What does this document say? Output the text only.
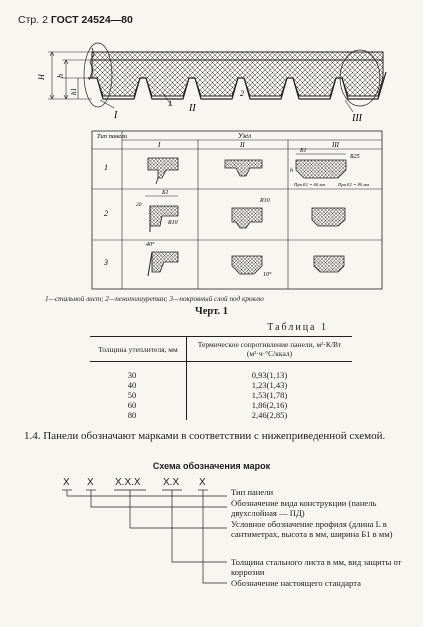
Стр. 2 ГОСТ 24524—80
H h
h1
I
II
III
1
2
Тип панели	Узел
I	II	III
1
2
3
Б1
R25
h
При Б1 = 60 мм	При Б1 = 80 мм
Б1
20
R10
R10
40°
10°
1—стальной лист; 2—пенополиуретан; 3—покровный слой под кровлю
Черт. 1
Таблица 1
Толщина утеплителя, мм	Термическое сопротивление панели, м²·К/Вт (м²·ч·°С/ккал)
30	0,93(1,13)
40	1,23(1,43)
50	1,53(1,78)
60	1,86(2,16)
80	2,46(2,85)
1.4. Панели обозначают марками в соответствии с нижеприведенной схемой.
Схема обозначения марок
X X X.X.X X.X X
Тип панели
Обозначение вида конструкции (панель двухслойная — ПД)
Условное обозначение профиля (длина L в сантиметрах, высота в мм, ширина Б1 в мм)
Толщина стального листа в мм, вид защиты от коррозии
Обозначение настоящего стандарта
